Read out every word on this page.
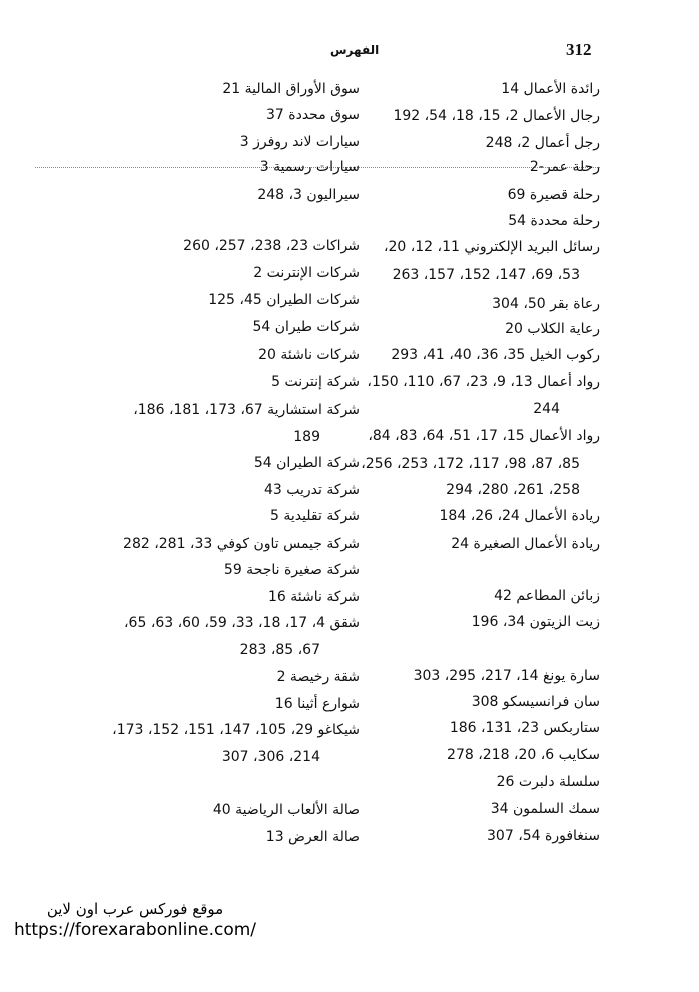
312
الفهرس
رائدة الأعمال 14
رجال الأعمال 2، 15، 18، 54، 192
رجل أعمال 2، 248
رحلة عمر-2
رحلة قصيرة 69
رحلة محددة 54
رسائل البريد الإلكتروني 11، 12، 20،
53، 69، 147، 152، 157، 263
رعاة بقر 50، 304
رعاية الكلاب 20
ركوب الخيل 35، 36، 40، 41، 293
رواد أعمال 13، 9، 23، 67، 110، 150،
244
رواد الأعمال 15، 17، 51، 64، 83، 84،
85، 87، 98، 117، 172، 253، 256،
258، 261، 280، 294
ريادة الأعمال 24، 26، 184
ريادة الأعمال الصغيرة 24
زبائن المطاعم 42
زيت الزيتون 34، 196
سارة يونغ 14، 217، 295، 303
سان فرانسيسكو 308
ستاربكس 23، 131، 186
سكايب 6، 20، 218، 278
سلسلة دلبرت 26
سمك السلمون 34
سنغافورة 54، 307
سوق الأوراق المالية 21
سوق محددة 37
سيارات لاند روفرز 3
سيارات رسمية 3
سيراليون 3، 248
شراكات 23، 238، 257، 260
شركات الإنترنت 2
شركات الطيران 45، 125
شركات طيران 54
شركات ناشئة 20
شركة إنترنت 5
شركة استشارية 67، 173، 181، 186،
189
شركة الطيران 54
شركة تدريب 43
شركة تقليدية 5
شركة جيمس تاون كوفي 33، 281، 282
شركة صغيرة ناجحة 59
شركة ناشئة 16
شقق 4، 17، 18، 33، 59، 60، 63، 65،
67، 85، 283
شقة رخيصة 2
شوارع أثينا 16
شيكاغو 29، 105، 147، 151، 152، 173،
214، 306، 307
صالة الألعاب الرياضية 40
صالة العرض 13
موقع فوركس عرب اون لاين
https://forexarabonline.com/
